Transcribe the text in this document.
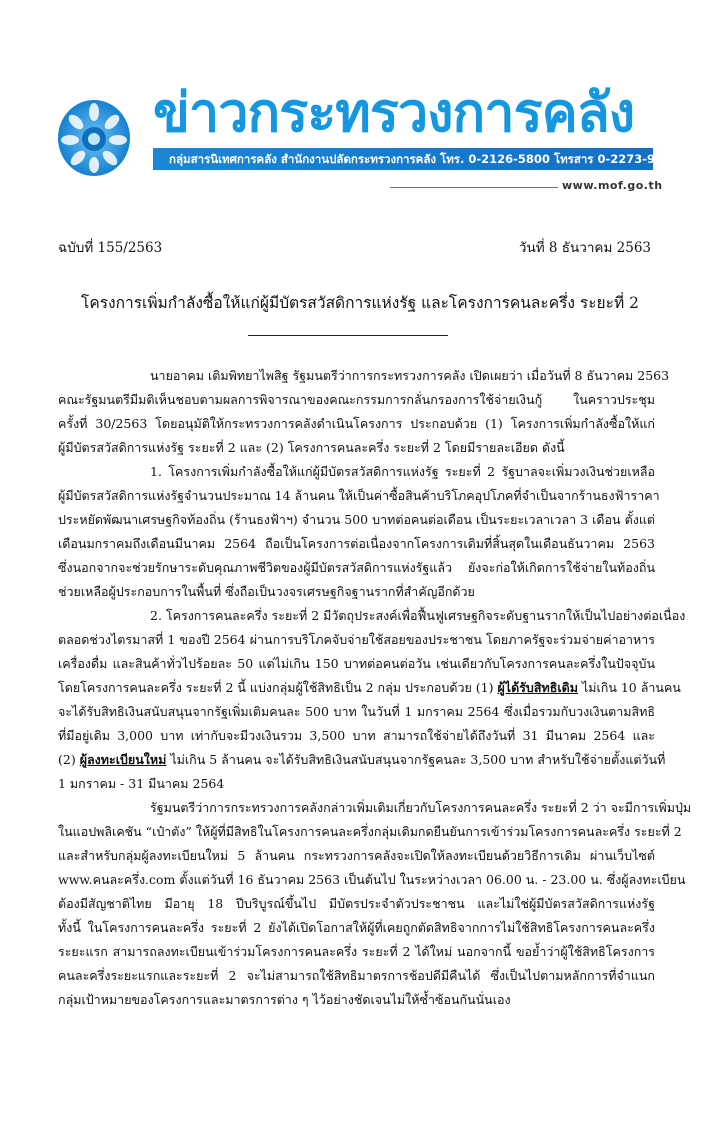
ข่าวกระทรวงการคลัง
กลุ่มสารนิเทศการคลัง สำนักงานปลัดกระทรวงการคลัง โทร. 0-2126-5800 โทรสาร 0-2273-9763
www.mof.go.th
ฉบับที่ 155/2563	วันที่ 8 ธันวาคม 2563
โครงการเพิ่มกำลังซื้อให้แก่ผู้มีบัตรสวัสดิการแห่งรัฐ และโครงการคนละครึ่ง ระยะที่ 2
นายอาคม เติมพิทยาไพสิฐ รัฐมนตรีว่าการกระทรวงการคลัง เปิดเผยว่า เมื่อวันที่ 8 ธันวาคม 2563
คณะรัฐมนตรีมีมติเห็นชอบตามผลการพิจารณาของคณะกรรมการกลั่นกรองการใช้จ่ายเงินกู้ ในคราวประชุม
ครั้งที่ 30/2563 โดยอนุมัติให้กระทรวงการคลังดำเนินโครงการ ประกอบด้วย (1) โครงการเพิ่มกำลังซื้อให้แก่
ผู้มีบัตรสวัสดิการแห่งรัฐ ระยะที่ 2 และ (2) โครงการคนละครึ่ง ระยะที่ 2 โดยมีรายละเอียด ดังนี้
1. โครงการเพิ่มกำลังซื้อให้แก่ผู้มีบัตรสวัสดิการแห่งรัฐ ระยะที่ 2 รัฐบาลจะเพิ่มวงเงินช่วยเหลือ
ผู้มีบัตรสวัสดิการแห่งรัฐจำนวนประมาณ 14 ล้านคน ให้เป็นค่าซื้อสินค้าบริโภคอุปโภคที่จำเป็นจากร้านธงฟ้าราคา
ประหยัดพัฒนาเศรษฐกิจท้องถิ่น (ร้านธงฟ้าฯ) จำนวน 500 บาทต่อคนต่อเดือน เป็นระยะเวลาเวลา 3 เดือน ตั้งแต่
เดือนมกราคมถึงเดือนมีนาคม 2564 ถือเป็นโครงการต่อเนื่องจากโครงการเดิมที่สิ้นสุดในเดือนธันวาคม 2563
ซึ่งนอกจากจะช่วยรักษาระดับคุณภาพชีวิตของผู้มีบัตรสวัสดิการแห่งรัฐแล้ว ยังจะก่อให้เกิดการใช้จ่ายในท้องถิ่น
ช่วยเหลือผู้ประกอบการในพื้นที่ ซึ่งถือเป็นวงจรเศรษฐกิจฐานรากที่สำคัญอีกด้วย
2. โครงการคนละครึ่ง ระยะที่ 2 มีวัตถุประสงค์เพื่อฟื้นฟูเศรษฐกิจระดับฐานรากให้เป็นไปอย่างต่อเนื่อง
ตลอดช่วงไตรมาสที่ 1 ของปี 2564 ผ่านการบริโภคจับจ่ายใช้สอยของประชาชน โดยภาครัฐจะร่วมจ่ายค่าอาหาร
เครื่องดื่ม และสินค้าทั่วไปร้อยละ 50 แต่ไม่เกิน 150 บาทต่อคนต่อวัน เช่นเดียวกับโครงการคนละครึ่งในปัจจุบัน
โดยโครงการคนละครึ่ง ระยะที่ 2 นี้ แบ่งกลุ่มผู้ใช้สิทธิเป็น 2 กลุ่ม ประกอบด้วย (1) ผู้ได้รับสิทธิเดิม ไม่เกิน 10 ล้านคน
จะได้รับสิทธิเงินสนับสนุนจากรัฐเพิ่มเติมคนละ 500 บาท ในวันที่ 1 มกราคม 2564 ซึ่งเมื่อรวมกับวงเงินตามสิทธิ
ที่มีอยู่เดิม 3,000 บาท เท่ากับจะมีวงเงินรวม 3,500 บาท สามารถใช้จ่ายได้ถึงวันที่ 31 มีนาคม 2564 และ
(2) ผู้ลงทะเบียนใหม่ ไม่เกิน 5 ล้านคน จะได้รับสิทธิเงินสนับสนุนจากรัฐคนละ 3,500 บาท สำหรับใช้จ่ายตั้งแต่วันที่
1 มกราคม - 31 มีนาคม 2564
รัฐมนตรีว่าการกระทรวงการคลังกล่าวเพิ่มเติมเกี่ยวกับโครงการคนละครึ่ง ระยะที่ 2 ว่า จะมีการเพิ่มปุ่ม
ในแอปพลิเคชัน “เป๋าตัง” ให้ผู้ที่มีสิทธิในโครงการคนละครึ่งกลุ่มเดิมกดยืนยันการเข้าร่วมโครงการคนละครึ่ง ระยะที่ 2
และสำหรับกลุ่มผู้ลงทะเบียนใหม่ 5 ล้านคน กระทรวงการคลังจะเปิดให้ลงทะเบียนด้วยวิธีการเดิม ผ่านเว็บไซต์
www.คนละครึ่ง.com ตั้งแต่วันที่ 16 ธันวาคม 2563 เป็นต้นไป ในระหว่างเวลา 06.00 น. - 23.00 น. ซึ่งผู้ลงทะเบียน
ต้องมีสัญชาติไทย มีอายุ 18 ปีบริบูรณ์ขึ้นไป มีบัตรประจำตัวประชาชน และไม่ใช่ผู้มีบัตรสวัสดิการแห่งรัฐ
ทั้งนี้ ในโครงการคนละครึ่ง ระยะที่ 2 ยังได้เปิดโอกาสให้ผู้ที่เคยถูกตัดสิทธิจากการไม่ใช้สิทธิโครงการคนละครึ่ง
ระยะแรก สามารถลงทะเบียนเข้าร่วมโครงการคนละครึ่ง ระยะที่ 2 ได้ใหม่ นอกจากนี้ ขอย้ำว่าผู้ใช้สิทธิโครงการ
คนละครึ่งระยะแรกและระยะที่ 2 จะไม่สามารถใช้สิทธิมาตรการช้อปดีมีคืนได้ ซึ่งเป็นไปตามหลักการที่จำแนก
กลุ่มเป้าหมายของโครงการและมาตรการต่าง ๆ ไว้อย่างชัดเจนไม่ให้ซ้ำซ้อนกันนั่นเอง
